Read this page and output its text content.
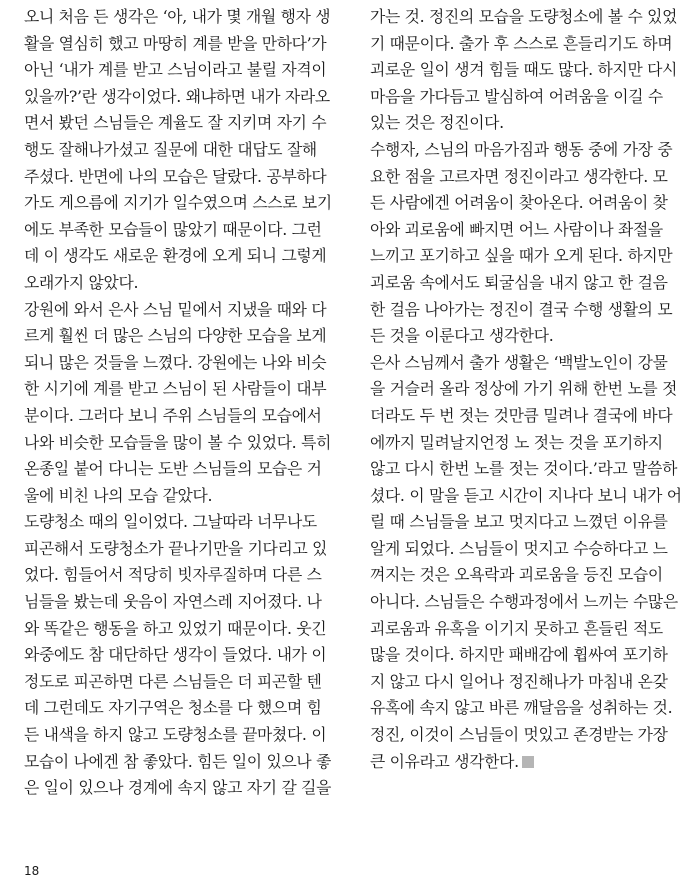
오니 처음 든 생각은 ‘아, 내가 몇 개월 행자 생
활을 열심히 했고 마땅히 계를 받을 만하다’가
아닌 ‘내가 계를 받고 스님이라고 불릴 자격이
있을까?’란 생각이었다. 왜냐하면 내가 자라오
면서 봤던 스님들은 계율도 잘 지키며 자기 수
행도 잘해나가셨고 질문에 대한 대답도 잘해
주셨다. 반면에 나의 모습은 달랐다. 공부하다
가도 게으름에 지기가 일수였으며 스스로 보기
에도 부족한 모습들이 많았기 때문이다. 그런
데 이 생각도 새로운 환경에 오게 되니 그렇게
오래가지 않았다.
강원에 와서 은사 스님 밑에서 지냈을 때와 다
르게 훨씬 더 많은 스님의 다양한 모습을 보게
되니 많은 것들을 느꼈다. 강원에는 나와 비슷
한 시기에 계를 받고 스님이 된 사람들이 대부
분이다. 그러다 보니 주위 스님들의 모습에서
나와 비슷한 모습들을 많이 볼 수 있었다. 특히
온종일 붙어 다니는 도반 스님들의 모습은 거
울에 비친 나의 모습 같았다.
도량청소 때의 일이었다. 그날따라 너무나도
피곤해서 도량청소가 끝나기만을 기다리고 있
었다. 힘들어서 적당히 빗자루질하며 다른 스
님들을 봤는데 웃음이 자연스레 지어졌다. 나
와 똑같은 행동을 하고 있었기 때문이다. 웃긴
와중에도 참 대단하단 생각이 들었다. 내가 이
정도로 피곤하면 다른 스님들은 더 피곤할 텐
데 그런데도 자기구역은 청소를 다 했으며 힘
든 내색을 하지 않고 도량청소를 끝마쳤다. 이
모습이 나에겐 참 좋았다. 힘든 일이 있으나 좋
은 일이 있으나 경계에 속지 않고 자기 갈 길을
가는 것. 정진의 모습을 도량청소에 볼 수 있었
기 때문이다. 출가 후 스스로 흔들리기도 하며
괴로운 일이 생겨 힘들 때도 많다. 하지만 다시
마음을 가다듬고 발심하여 어려움을 이길 수
있는 것은 정진이다.
수행자, 스님의 마음가짐과 행동 중에 가장 중
요한 점을 고르자면 정진이라고 생각한다. 모
든 사람에겐 어려움이 찾아온다. 어려움이 찾
아와 괴로움에 빠지면 어느 사람이나 좌절을
느끼고 포기하고 싶을 때가 오게 된다. 하지만
괴로움 속에서도 퇴굴심을 내지 않고 한 걸음
한 걸음 나아가는 정진이 결국 수행 생활의 모
든 것을 이룬다고 생각한다.
은사 스님께서 출가 생활은 ‘백발노인이 강물
을 거슬러 올라 정상에 가기 위해 한번 노를 젓
더라도 두 번 젓는 것만큼 밀려나 결국에 바다
에까지 밀려날지언정 노 젓는 것을 포기하지
않고 다시 한번 노를 젓는 것이다.’라고 말씀하
셨다. 이 말을 듣고 시간이 지나다 보니 내가 어
릴 때 스님들을 보고 멋지다고 느꼈던 이유를
알게 되었다. 스님들이 멋지고 수승하다고 느
껴지는 것은 오욕락과 괴로움을 등진 모습이
아니다. 스님들은 수행과정에서 느끼는 수많은
괴로움과 유혹을 이기지 못하고 흔들린 적도
많을 것이다. 하지만 패배감에 휩싸여 포기하
지 않고 다시 일어나 정진해나가 마침내 온갖
유혹에 속지 않고 바른 깨달음을 성취하는 것.
정진, 이것이 스님들이 멋있고 존경받는 가장
큰 이유라고 생각한다.
18
